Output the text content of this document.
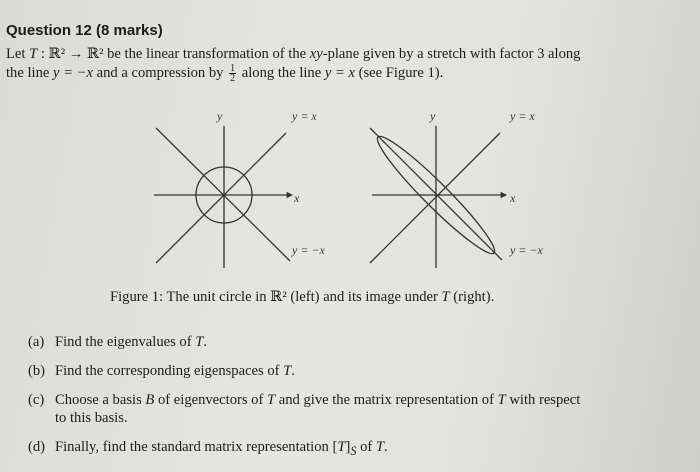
Question 12 (8 marks)

Let T : ℝ² → ℝ² be the linear transformation of the xy-plane given by a stretch with factor 3 along
the line y = −x and a compression by $\frac{1}{2}$ along the line y = x (see Figure 1).

y
x
y = x
y = −x
y
x
y = x
y = −x

Figure 1: The unit circle in ℝ² (left) and its image under T (right).

(a) Find the eigenvalues of T.

(b) Find the corresponding eigenspaces of T.

(c) Choose a basis B of eigenvectors of T and give the matrix representation of T with respect
to this basis.

(d) Finally, find the standard matrix representation $[T]_S$ of T.
